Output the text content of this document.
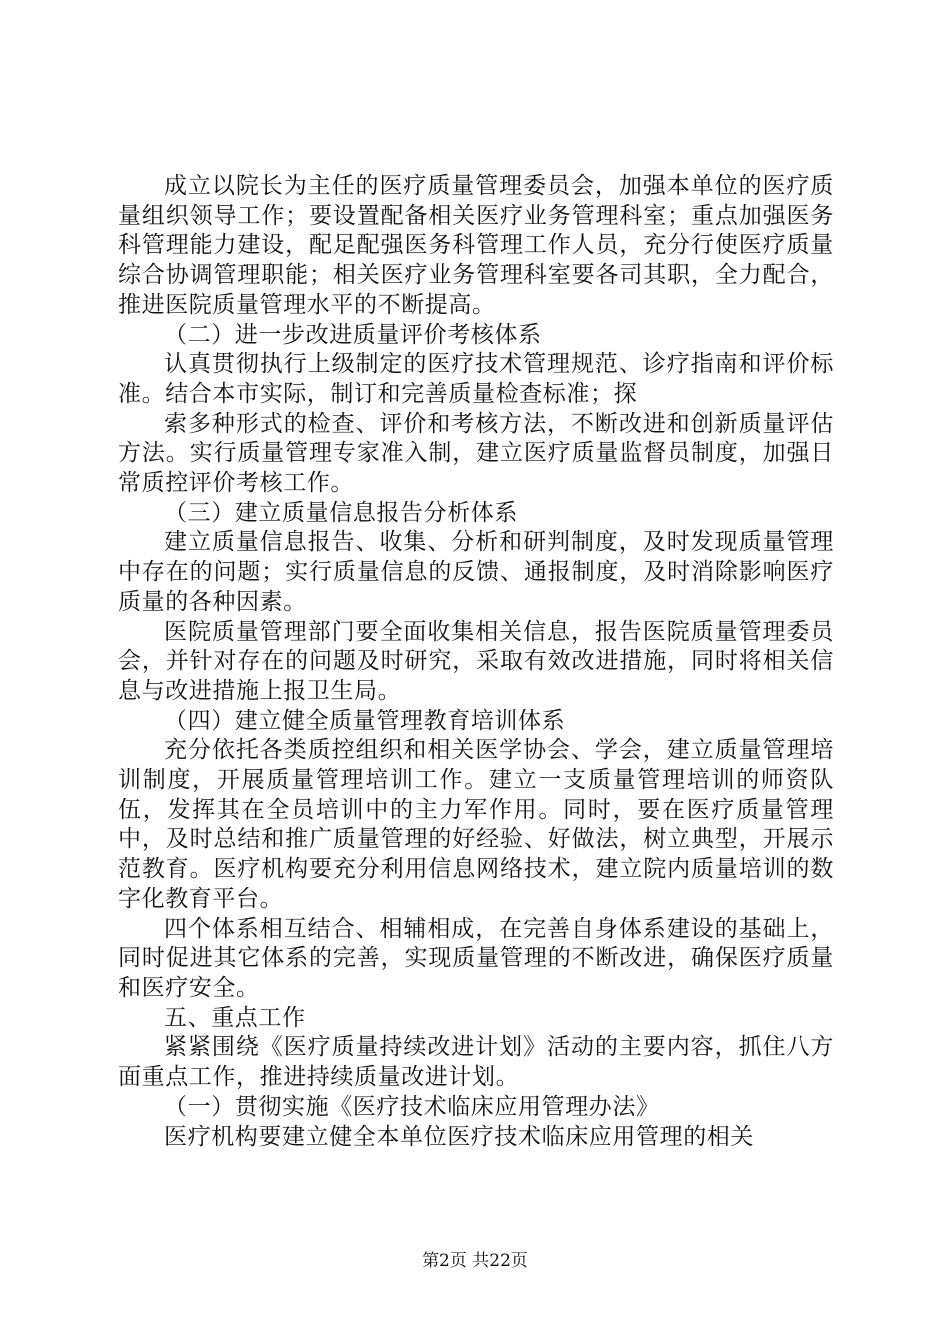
成立以院长为主任的医疗质量管理委员会，加强本单位的医疗质量组织领导工作；要设置配备相关医疗业务管理科室；重点加强医务科管理能力建设，配足配强医务科管理工作人员，充分行使医疗质量综合协调管理职能；相关医疗业务管理科室要各司其职，全力配合，推进医院质量管理水平的不断提高。

（二）进一步改进质量评价考核体系

认真贯彻执行上级制定的医疗技术管理规范、诊疗指南和评价标准。结合本市实际，制订和完善质量检查标准；探

索多种形式的检查、评价和考核方法，不断改进和创新质量评估方法。实行质量管理专家准入制，建立医疗质量监督员制度，加强日常质控评价考核工作。

（三）建立质量信息报告分析体系

建立质量信息报告、收集、分析和研判制度，及时发现质量管理中存在的问题；实行质量信息的反馈、通报制度，及时消除影响医疗质量的各种因素。

医院质量管理部门要全面收集相关信息，报告医院质量管理委员会，并针对存在的问题及时研究，采取有效改进措施，同时将相关信息与改进措施上报卫生局。

（四）建立健全质量管理教育培训体系

充分依托各类质控组织和相关医学协会、学会，建立质量管理培训制度，开展质量管理培训工作。建立一支质量管理培训的师资队伍，发挥其在全员培训中的主力军作用。同时，要在医疗质量管理中，及时总结和推广质量管理的好经验、好做法，树立典型，开展示范教育。医疗机构要充分利用信息网络技术，建立院内质量培训的数字化教育平台。

四个体系相互结合、相辅相成，在完善自身体系建设的基础上，同时促进其它体系的完善，实现质量管理的不断改进，确保医疗质量和医疗安全。

五、重点工作

紧紧围绕《医疗质量持续改进计划》活动的主要内容，抓住八方面重点工作，推进持续质量改进计划。

（一）贯彻实施《医疗技术临床应用管理办法》

医疗机构要建立健全本单位医疗技术临床应用管理的相关

第2页 共22页
